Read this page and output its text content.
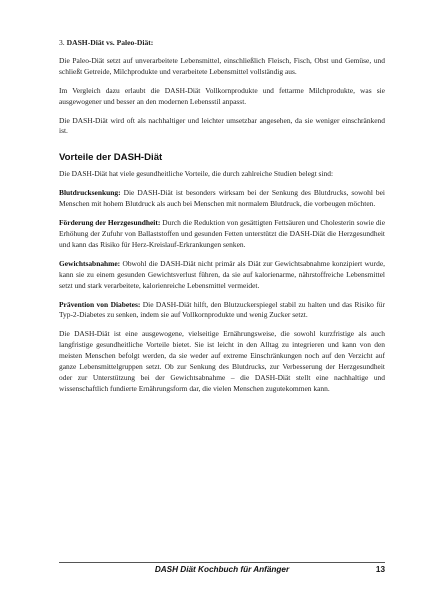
3. DASH-Diät vs. Paleo-Diät:

Die Paleo-Diät setzt auf unverarbeitete Lebensmittel, einschließlich Fleisch, Fisch, Obst und Gemüse, und schließt Getreide, Milchprodukte und verarbeitete Lebensmittel vollständig aus.

Im Vergleich dazu erlaubt die DASH-Diät Vollkornprodukte und fettarme Milchprodukte, was sie ausgewogener und besser an den modernen Lebensstil anpasst.

Die DASH-Diät wird oft als nachhaltiger und leichter umsetzbar angesehen, da sie weniger einschränkend ist.

Vorteile der DASH-Diät

Die DASH-Diät hat viele gesundheitliche Vorteile, die durch zahlreiche Studien belegt sind:

Blutdrucksenkung: Die DASH-Diät ist besonders wirksam bei der Senkung des Blutdrucks, sowohl bei Menschen mit hohem Blutdruck als auch bei Menschen mit normalem Blutdruck, die vorbeugen möchten.

Förderung der Herzgesundheit: Durch die Reduktion von gesättigten Fettsäuren und Cholesterin sowie die Erhöhung der Zufuhr von Ballaststoffen und gesunden Fetten unterstützt die DASH-Diät die Herzgesundheit und kann das Risiko für Herz-Kreislauf-Erkrankungen senken.

Gewichtsabnahme: Obwohl die DASH-Diät nicht primär als Diät zur Gewichtsabnahme konzipiert wurde, kann sie zu einem gesunden Gewichtsverlust führen, da sie auf kalorienarme, nährstoffreiche Lebensmittel setzt und stark verarbeitete, kalorienreiche Lebensmittel vermeidet.

Prävention von Diabetes: Die DASH-Diät hilft, den Blutzuckerspiegel stabil zu halten und das Risiko für Typ-2-Diabetes zu senken, indem sie auf Vollkornprodukte und wenig Zucker setzt.

Die DASH-Diät ist eine ausgewogene, vielseitige Ernährungsweise, die sowohl kurzfristige als auch langfristige gesundheitliche Vorteile bietet. Sie ist leicht in den Alltag zu integrieren und kann von den meisten Menschen befolgt werden, da sie weder auf extreme Einschränkungen noch auf den Verzicht auf ganze Lebensmittelgruppen setzt. Ob zur Senkung des Blutdrucks, zur Verbesserung der Herzgesundheit oder zur Unterstützung bei der Gewichtsabnahme – die DASH-Diät stellt eine nachhaltige und wissenschaftlich fundierte Ernährungsform dar, die vielen Menschen zugutekommen kann.

DASH Diät Kochbuch für Anfänger	13
